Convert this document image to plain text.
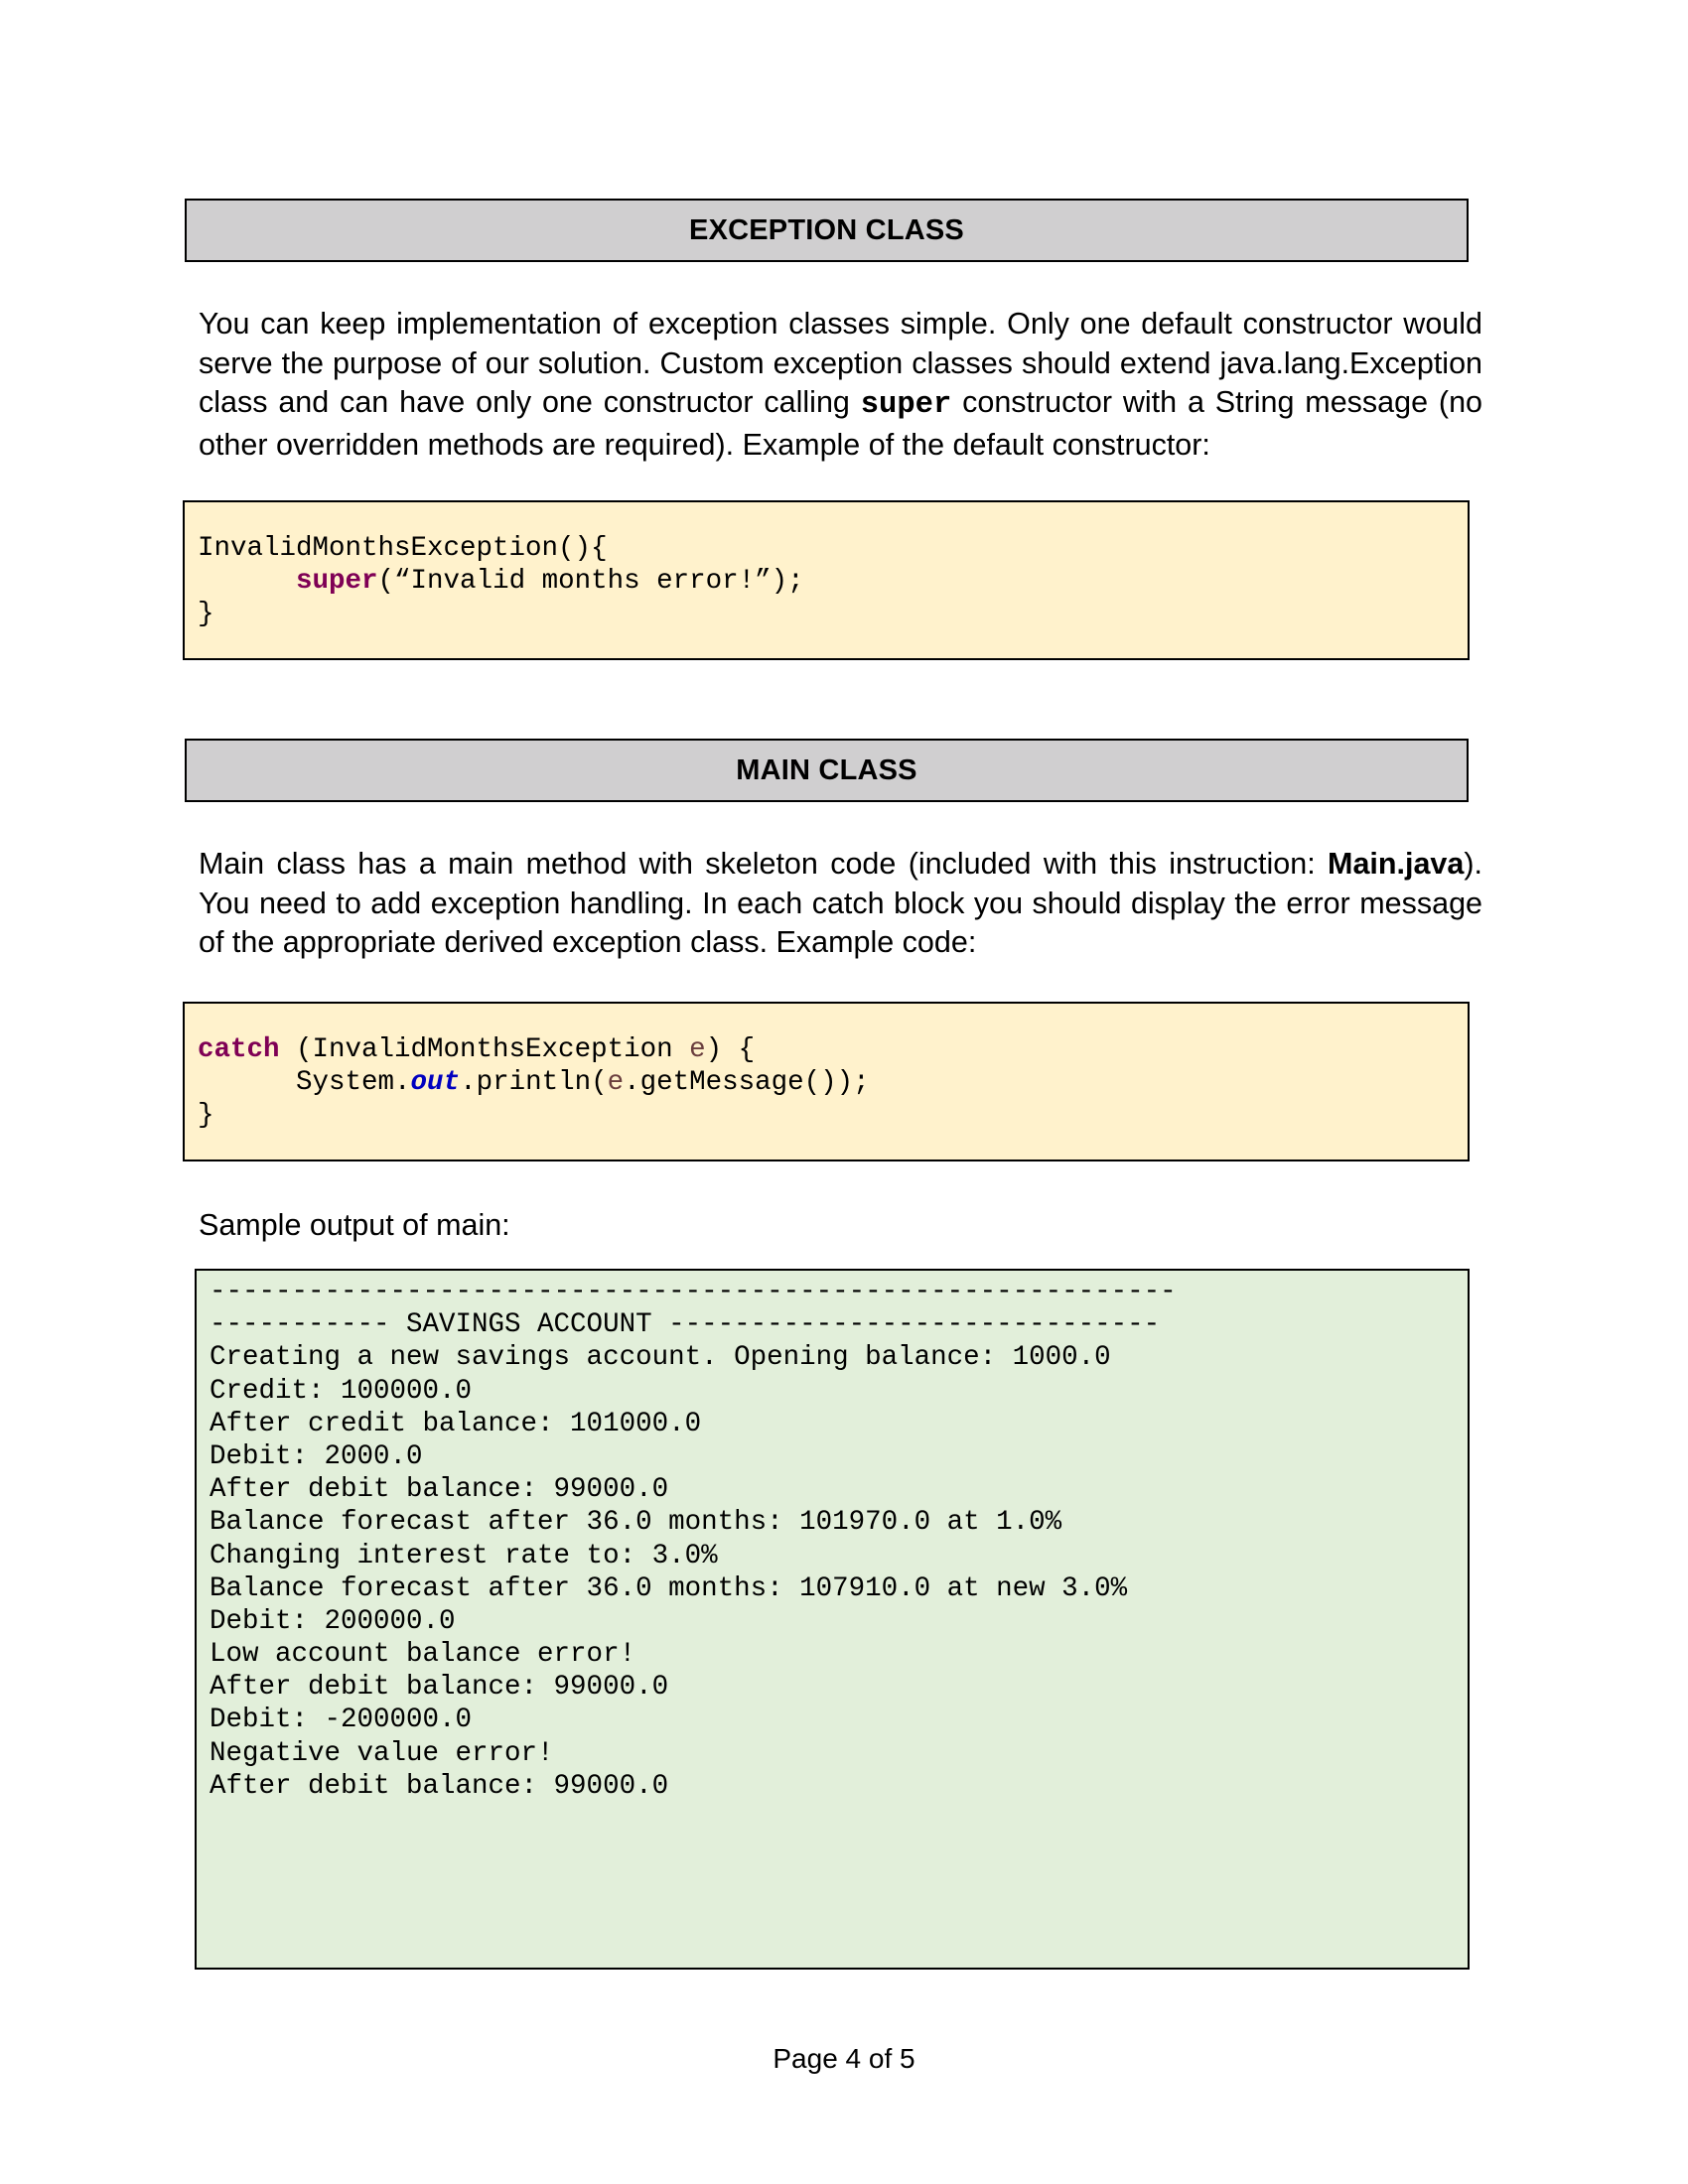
EXCEPTION CLASS
You can keep implementation of exception classes simple. Only one default constructor would serve the purpose of our solution. Custom exception classes should extend java.lang.Exception class and can have only one constructor calling super constructor with a String message (no other overridden methods are required). Example of the default constructor:
InvalidMonthsException(){
super(“Invalid months error!”);
}
MAIN CLASS
Main class has a main method with skeleton code (included with this instruction: Main.java). You need to add exception handling. In each catch block you should display the error message of the appropriate derived exception class. Example code:
catch (InvalidMonthsException e) {
System.out.println(e.getMessage());
}
Sample output of main:
-----------------------------------------------------------
----------- SAVINGS ACCOUNT ------------------------------
Creating a new savings account. Opening balance: 1000.0
Credit: 100000.0
After credit balance: 101000.0
Debit: 2000.0
After debit balance: 99000.0
Balance forecast after 36.0 months: 101970.0 at 1.0%
Changing interest rate to: 3.0%
Balance forecast after 36.0 months: 107910.0 at new 3.0%
Debit: 200000.0
Low account balance error!
After debit balance: 99000.0
Debit: -200000.0
Negative value error!
After debit balance: 99000.0
Page 4 of 5
